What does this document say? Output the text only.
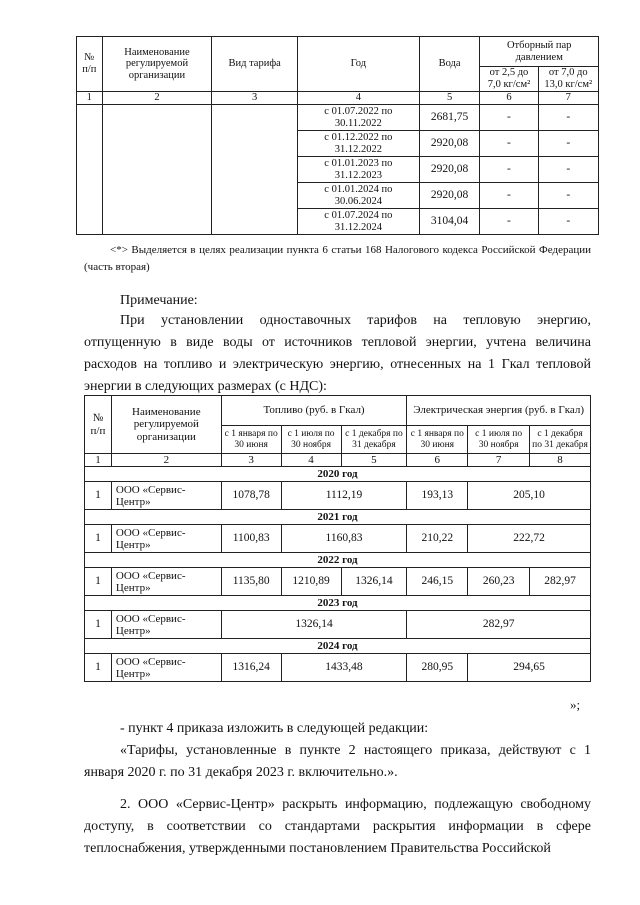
№ п/п	Наименование регулируемой организации	Вид тарифа	Год	Вода	Отборный пар давлением	
					от 2,5 до 7,0 кг/см²	от 7,0 до 13,0 кг/см²
1	2	3	4	5	6	7
			с 01.07.2022 по 30.11.2022	2681,75	-	-
			с 01.12.2022 по 31.12.2022	2920,08	-	-
			с 01.01.2023 по 31.12.2023	2920,08	-	-
			с 01.01.2024 по 30.06.2024	2920,08	-	-
			с 01.07.2024 по 31.12.2024	3104,04	-	-
<*> Выделяется в целях реализации пункта 6 статьи 168 Налогового кодекса Российской Федерации (часть вторая)
Примечание:
При установлении одноставочных тарифов на тепловую энергию, отпущенную в виде воды от источников тепловой энергии, учтена величина расходов на топливо и электрическую энергию, отнесенных на 1 Гкал тепловой энергии в следующих размерах (с НДС):
№ п/п	Наименование регулируемой организации	Топливо (руб. в Гкал)			Электрическая энергия (руб. в Гкал)		
		с 1 января по 30 июня	с 1 июля по 30 ноября	с 1 декабря по 31 декабря	с 1 января по 30 июня	с 1 июля по 30 ноября	с 1 декабря по 31 декабря
1	2	3	4	5	6	7	8
2020 год							
1	ООО «Сервис-Центр»	1078,78	1112,19		193,13	205,10	
2021 год							
1	ООО «Сервис-Центр»	1100,83	1160,83		210,22	222,72	
2022 год							
1	ООО «Сервис-Центр»	1135,80	1210,89	1326,14	246,15	260,23	282,97
2023 год							
1	ООО «Сервис-Центр»	1326,14			282,97		
2024 год							
1	ООО «Сервис-Центр»	1316,24	1433,48		280,95	294,65	
»;
- пункт 4 приказа изложить в следующей редакции:
«Тарифы, установленные в пункте 2 настоящего приказа, действуют с 1 января 2020 г. по 31 декабря 2023 г. включительно.».
2. ООО «Сервис-Центр» раскрыть информацию, подлежащую свободному доступу, в соответствии со стандартами раскрытия информации в сфере теплоснабжения, утвержденными постановлением Правительства Российской
